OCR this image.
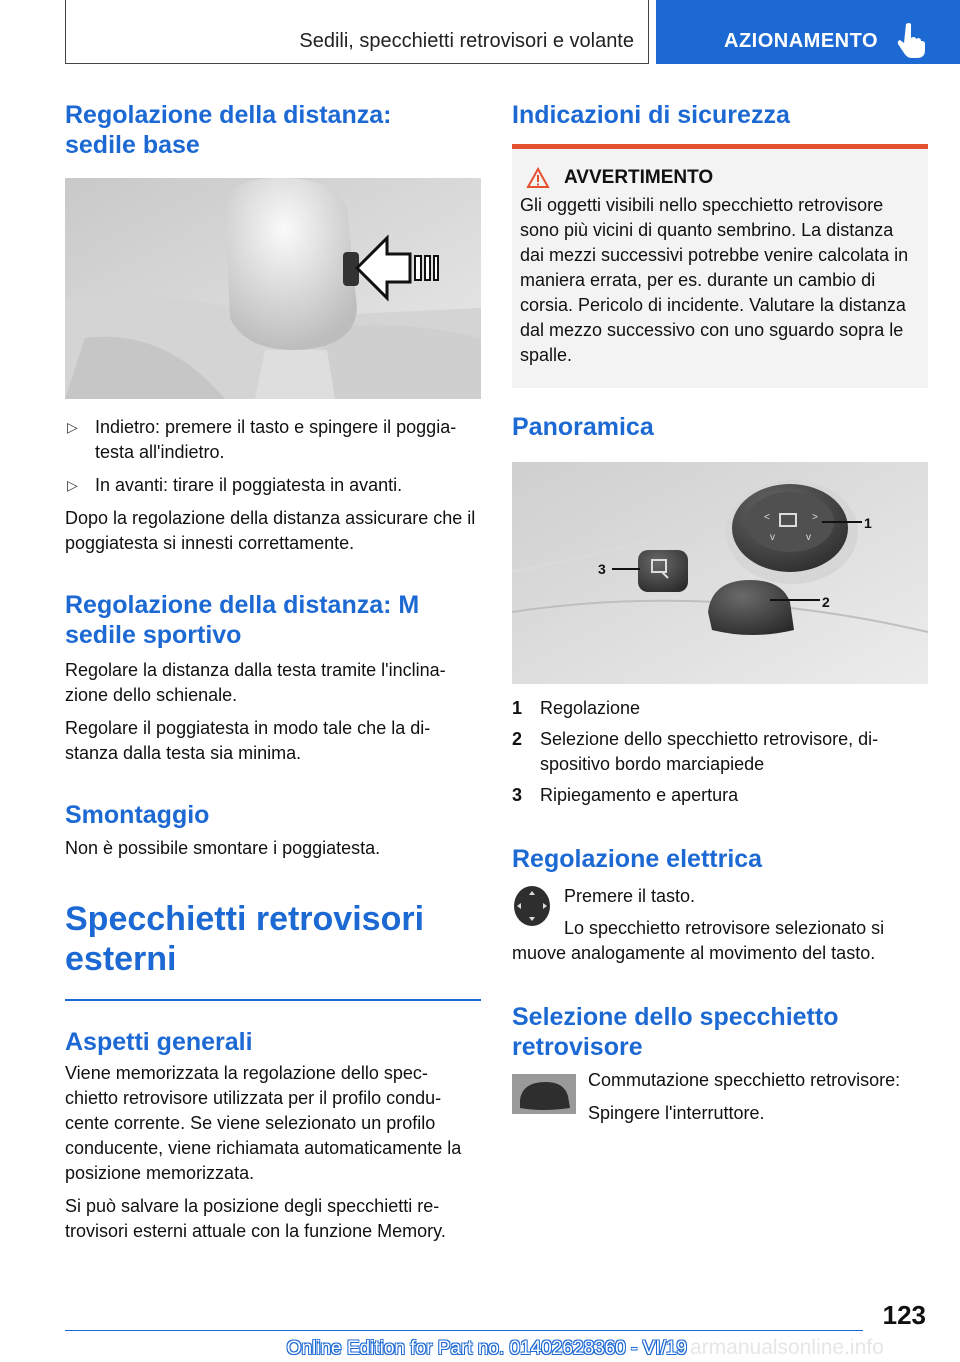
Sedili, specchietti retrovisori e volante	AZIONAMENTO
Regolazione della distanza:
sedile base
▷ Indietro: premere il tasto e spingere il poggia-
testa all'indietro.
▷ In avanti: tirare il poggiatesta in avanti.

Dopo la regolazione della distanza assicurare che il poggiatesta si innesti correttamente.

Regolazione della distanza: M
sedile sportivo

Regolare la distanza dalla testa tramite l'inclina-
zione dello schienale.

Regolare il poggiatesta in modo tale che la di-
stanza dalla testa sia minima.

Smontaggio

Non è possibile smontare i poggiatesta.

Specchietti retrovisori
esterni
Aspetti generali

Viene memorizzata la regolazione dello spec-
chietto retrovisore utilizzata per il profilo condu-
cente corrente. Se viene selezionato un profilo conducente, viene richiamata automaticamente la posizione memorizzata.

Si può salvare la posizione degli specchietti re-
trovisori esterni attuale con la funzione Memory.

Indicazioni di sicurezza
AVVERTIMENTO

Gli oggetti visibili nello specchietto retrovisore sono più vicini di quanto sembrino. La distanza dai mezzi successivi potrebbe venire calcolata in maniera errata, per es. durante un cambio di corsia. Pericolo di incidente. Valutare la distanza dal mezzo successivo con uno sguardo sopra le spalle.

Panoramica
<	>
v	v
1
2
3
1 Regolazione
2 Selezione dello specchietto retrovisore, di-
spositivo bordo marciapiede
3 Ripiegamento e apertura
Regolazione elettrica

Premere il tasto.

Lo specchietto retrovisore selezionato si muove analogamente al movimento del tasto.

Selezione dello specchietto
retrovisore

Commutazione specchietto retrovisore:

Spingere l'interruttore.

123
Online Edition for Part no. 01402628360 - VI/19 armanualsonline.info
